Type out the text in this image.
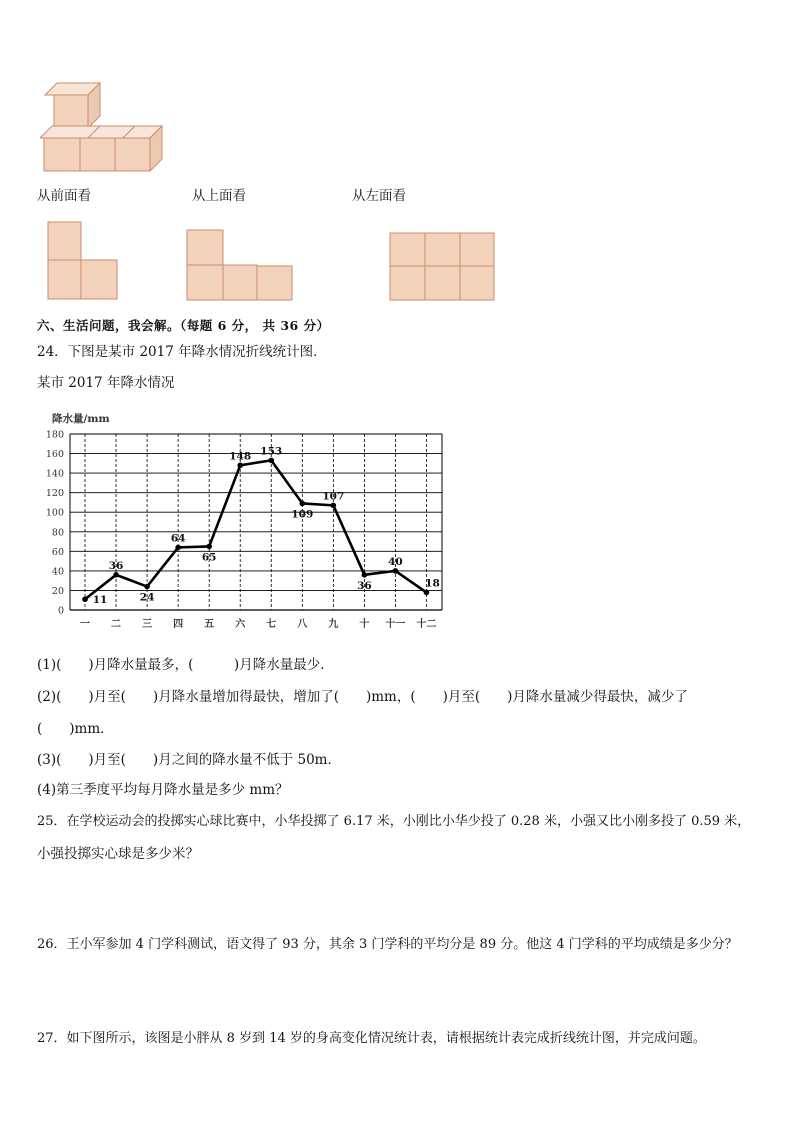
从前面看	从上面看	从左面看
六、生活问题，我会解。（每题 6 分， 共 36 分）
24．下图是某市 2017 年降水情况折线统计图．
某市 2017 年降水情况
0
20
40
60
80
100
120
140
160
180
一 二 三 四 五 六 七 八 九 十 十一 十二
11
36
24
64
65
148 153
109
107
36
40
18
降水量/mm
(1)(　　)月降水量最多，(　　　)月降水量最少．
(2)(　　)月至(　　)月降水量增加得最快，增加了(　　)mm，(　　)月至(　　)月降水量减少得最快，减少了
(　　)mm．
(3)(　　)月至(　　)月之间的降水量不低于 50m．
(4)第三季度平均每月降水量是多少 mm？
25．在学校运动会的投掷实心球比赛中，小华投掷了 6.17 米，小刚比小华少投了 0.28 米，小强又比小刚多投了 0.59 米，
小强投掷实心球是多少米？
26．王小军参加 4 门学科测试，语文得了 93 分，其余 3 门学科的平均分是 89 分。他这 4 门学科的平均成绩是多少分？
27．如下图所示，该图是小胖从 8 岁到 14 岁的身高变化情况统计表，请根据统计表完成折线统计图，并完成问题。
